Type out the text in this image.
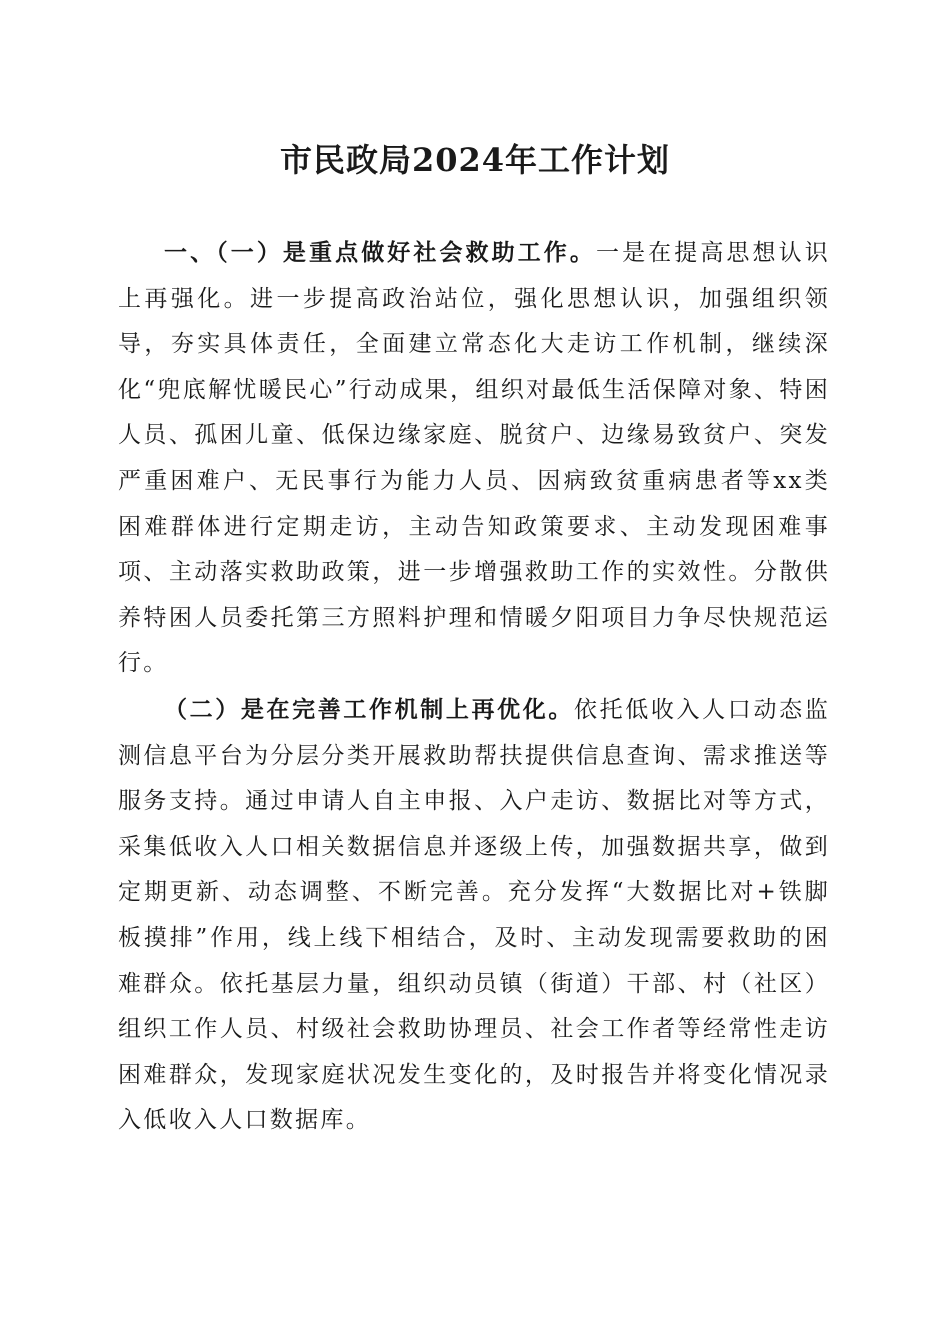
市民政局2024年工作计划

一、（一）是重点做好社会救助工作。一是在提高思想认识上再强化。进一步提高政治站位，强化思想认识，加强组织领导，夯实具体责任，全面建立常态化大走访工作机制，继续深化“兜底解忧暖民心”行动成果，组织对最低生活保障对象、特困人员、孤困儿童、低保边缘家庭、脱贫户、边缘易致贫户、突发严重困难户、无民事行为能力人员、因病致贫重病患者等xx类困难群体进行定期走访，主动告知政策要求、主动发现困难事项、主动落实救助政策，进一步增强救助工作的实效性。分散供养特困人员委托第三方照料护理和情暖夕阳项目力争尽快规范运行。

（二）是在完善工作机制上再优化。依托低收入人口动态监测信息平台为分层分类开展救助帮扶提供信息查询、需求推送等服务支持。通过申请人自主申报、入户走访、数据比对等方式，采集低收入人口相关数据信息并逐级上传，加强数据共享，做到定期更新、动态调整、不断完善。充分发挥“大数据比对+铁脚板摸排”作用，线上线下相结合，及时、主动发现需要救助的困难群众。依托基层力量，组织动员镇（街道）干部、村（社区）组织工作人员、村级社会救助协理员、社会工作者等经常性走访困难群众，发现家庭状况发生变化的，及时报告并将变化情况录入低收入人口数据库。
